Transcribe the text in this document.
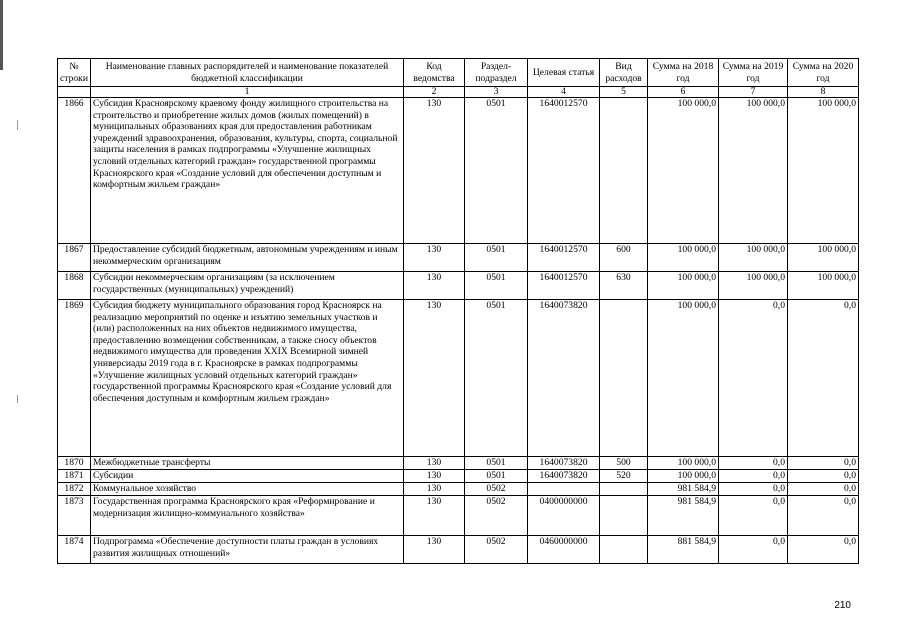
№ строки	Наименование главных распорядителей и наименование показателей бюджетной классификации	Код ведомства	Раздел-подраздел	Целевая статья	Вид расходов	Сумма на 2018 год	Сумма на 2019 год	Сумма на 2020 год
	1	2	3	4	5	6	7	8
1866	Субсидия Красноярскому краевому фонду жилищного строительства на строительство и приобретение жилых домов (жилых помещений) в муниципальных образованиях края для предоставления работникам учреждений здравоохранения, образования, культуры, спорта, социальной защиты населения в рамках подпрограммы «Улучшение жилищных условий отдельных категорий граждан» государственной программы Красноярского края «Создание условий для обеспечения доступным и комфортным жильем граждан»	130	0501	1640012570		100 000,0	100 000,0	100 000,0
1867	Предоставление субсидий бюджетным, автономным учреждениям и иным некоммерческим организациям	130	0501	1640012570	600	100 000,0	100 000,0	100 000,0
1868	Субсидии некоммерческим организациям (за исключением государственных (муниципальных) учреждений)	130	0501	1640012570	630	100 000,0	100 000,0	100 000,0
1869	Субсидия бюджету муниципального образования город Красноярск на реализацию мероприятий по оценке и изъятию земельных участков и (или) расположенных на них объектов недвижимого имущества, предоставлению возмещения собственникам, а также сносу объектов недвижимого имущества для проведения XXIX Всемирной зимней универсиады 2019 года в г. Красноярске в рамках подпрограммы «Улучшение жилищных условий отдельных категорий граждан» государственной программы Красноярского края «Создание условий для обеспечения доступным и комфортным жильем граждан»	130	0501	1640073820		100 000,0	0,0	0,0
1870	Межбюджетные трансферты	130	0501	1640073820	500	100 000,0	0,0	0,0
1871	Субсидии	130	0501	1640073820	520	100 000,0	0,0	0,0
1872	Коммунальное хозяйство	130	0502			981 584,9	0,0	0,0
1873	Государственная программа Красноярского края «Реформирование и модернизация жилищно-коммунального хозяйства»	130	0502	0400000000		981 584,9	0,0	0,0
1874	Подпрограмма «Обеспечение доступности платы граждан в условиях развития жилищных отношений»	130	0502	0460000000		881 584,9	0,0	0,0
210
